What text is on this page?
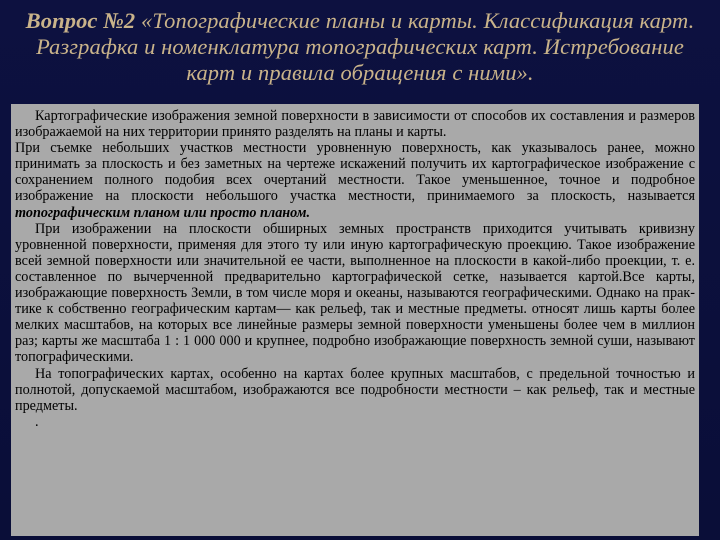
Вопрос №2 «Топографические планы и карты. Классификация карт. Разграфка и номенклатура топографических карт. Истребование карт и правила обращения с ними».

Картографические изображения земной поверхности в зависимости от способов их составления и размеров изображаемой на них территории принято разделять на планы и карты.

При съемке небольших участков местности уровненную поверхность, как указывалось ранее, можно принимать за плоскость и без заметных на чертеже искажений получить их картографическое изображение с сохранением полного подобия всех очертаний местности. Такое уменьшенное, точное и подробное изображение на плоскости небольшого участка местности, принимаемого за плоскость, называется топографическим планом или просто планом.

При изображении на плоскости обширных земных пространств приходится учитывать кривизну уровненной поверхности, применяя для этого ту или иную картографическую проекцию. Такое изображение всей земной поверхности или значительной ее части, выполненное на плоскости в какой-либо проекции, т. е. составленное по вычерченной предварительно картографической сетке, называется картой.Все карты, изображающие поверхность Земли, в том числе моря и океаны, называются географическими. Однако на прак-тике к собственно географическим картам— как рельеф, так и местные предметы. относят лишь карты более мелких масштабов, на которых все линейные размеры земной поверхности уменьшены более чем в миллион раз; карты же масштаба 1 : 1 000 000 и крупнее, подробно изображающие поверхность земной суши, называют топографическими.

На топографических картах, особенно на картах более крупных масштабов, с предельной точностью и полнотой, допускаемой масштабом, изображаются все подробности местности – как рельеф, так и местные предметы.

.
